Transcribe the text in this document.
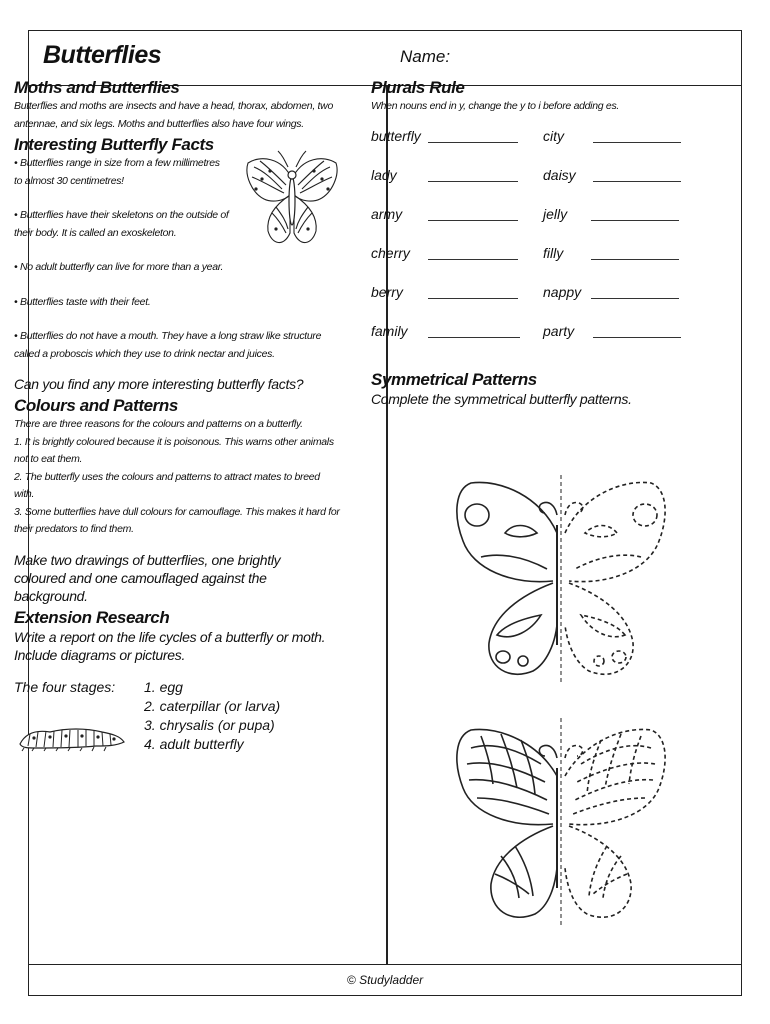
Butterflies	Name:
© Studyladder

Moths and Butterflies

Butterflies and moths are insects and have a head, thorax, abdomen, two antennae, and six legs. Moths and butterflies also have four wings.

Interesting Butterfly Facts

• Butterflies range in size from a few millimetres to almost 30 centimetres!

• Butterflies have their skeletons on the outside of their body. It is called an exoskeleton.

• No adult butterfly can live for more than a year.

• Butterflies taste with their feet.

• Butterflies do not have a mouth. They have a long straw like structure called a proboscis which they use to drink nectar and juices.

Can you find any more interesting butterfly facts?

Colours and Patterns

There are three reasons for the colours and patterns on a butterfly.

1. It is brightly coloured because it is poisonous. This warns other animals not to eat them.

2. The butterfly uses the colours and patterns to attract mates to breed with.

3. Some butterflies have dull colours for camouflage. This makes it hard for their predators to find them.

Make two drawings of butterflies, one brightly coloured and one camouflaged against the background.

Extension Research

Write a report on the life cycles of a butterfly or moth. Include diagrams or pictures.

The four stages: 1. egg
2. caterpillar (or larva)
3. chrysalis (or pupa)
4. adult butterfly

Plurals Rule

When nouns end in y, change the y to i before adding es.

butterfly	city
lady	daisy
army	jelly
cherry	filly
berry	nappy
family	party

Symmetrical Patterns

Complete the symmetrical butterfly patterns.
